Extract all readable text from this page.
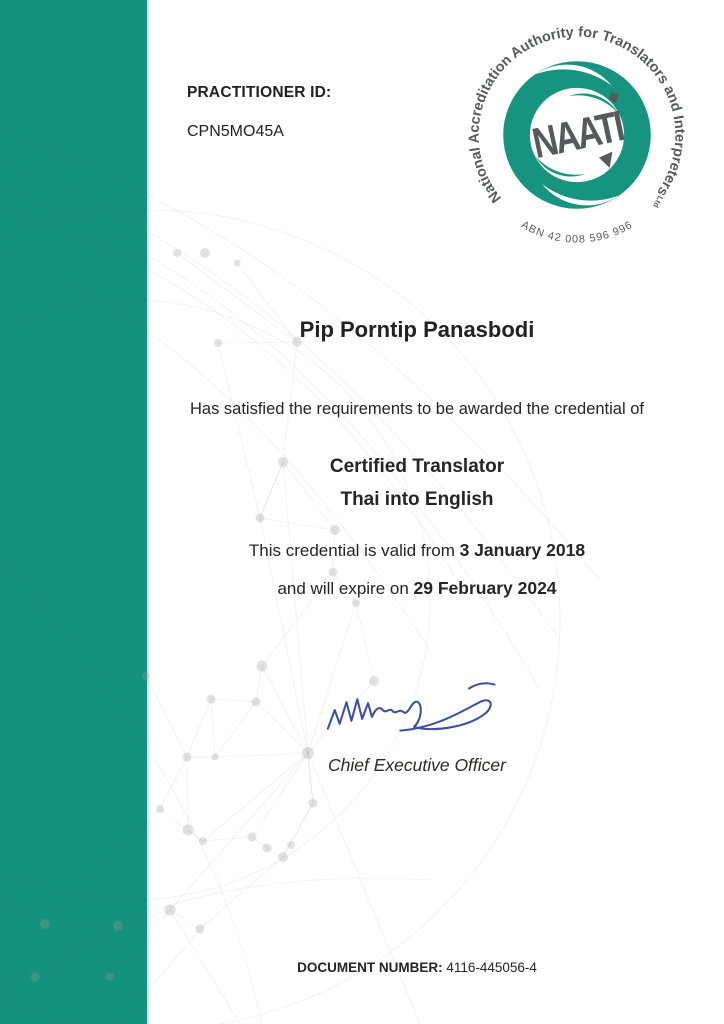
PRACTITIONER ID:
CPN5MO45A	NAATI
National Accreditation Authority for Translators and Interpreters
Ltd
ABN 42 008 596 996
Pip Porntip Panasbodi
Has satisfied the requirements to be awarded the credential of
Certified Translator
Thai into English
This credential is valid from 3 January 2018
and will expire on 29 February 2024
Chief Executive Officer
DOCUMENT NUMBER: 4116-445056-4
